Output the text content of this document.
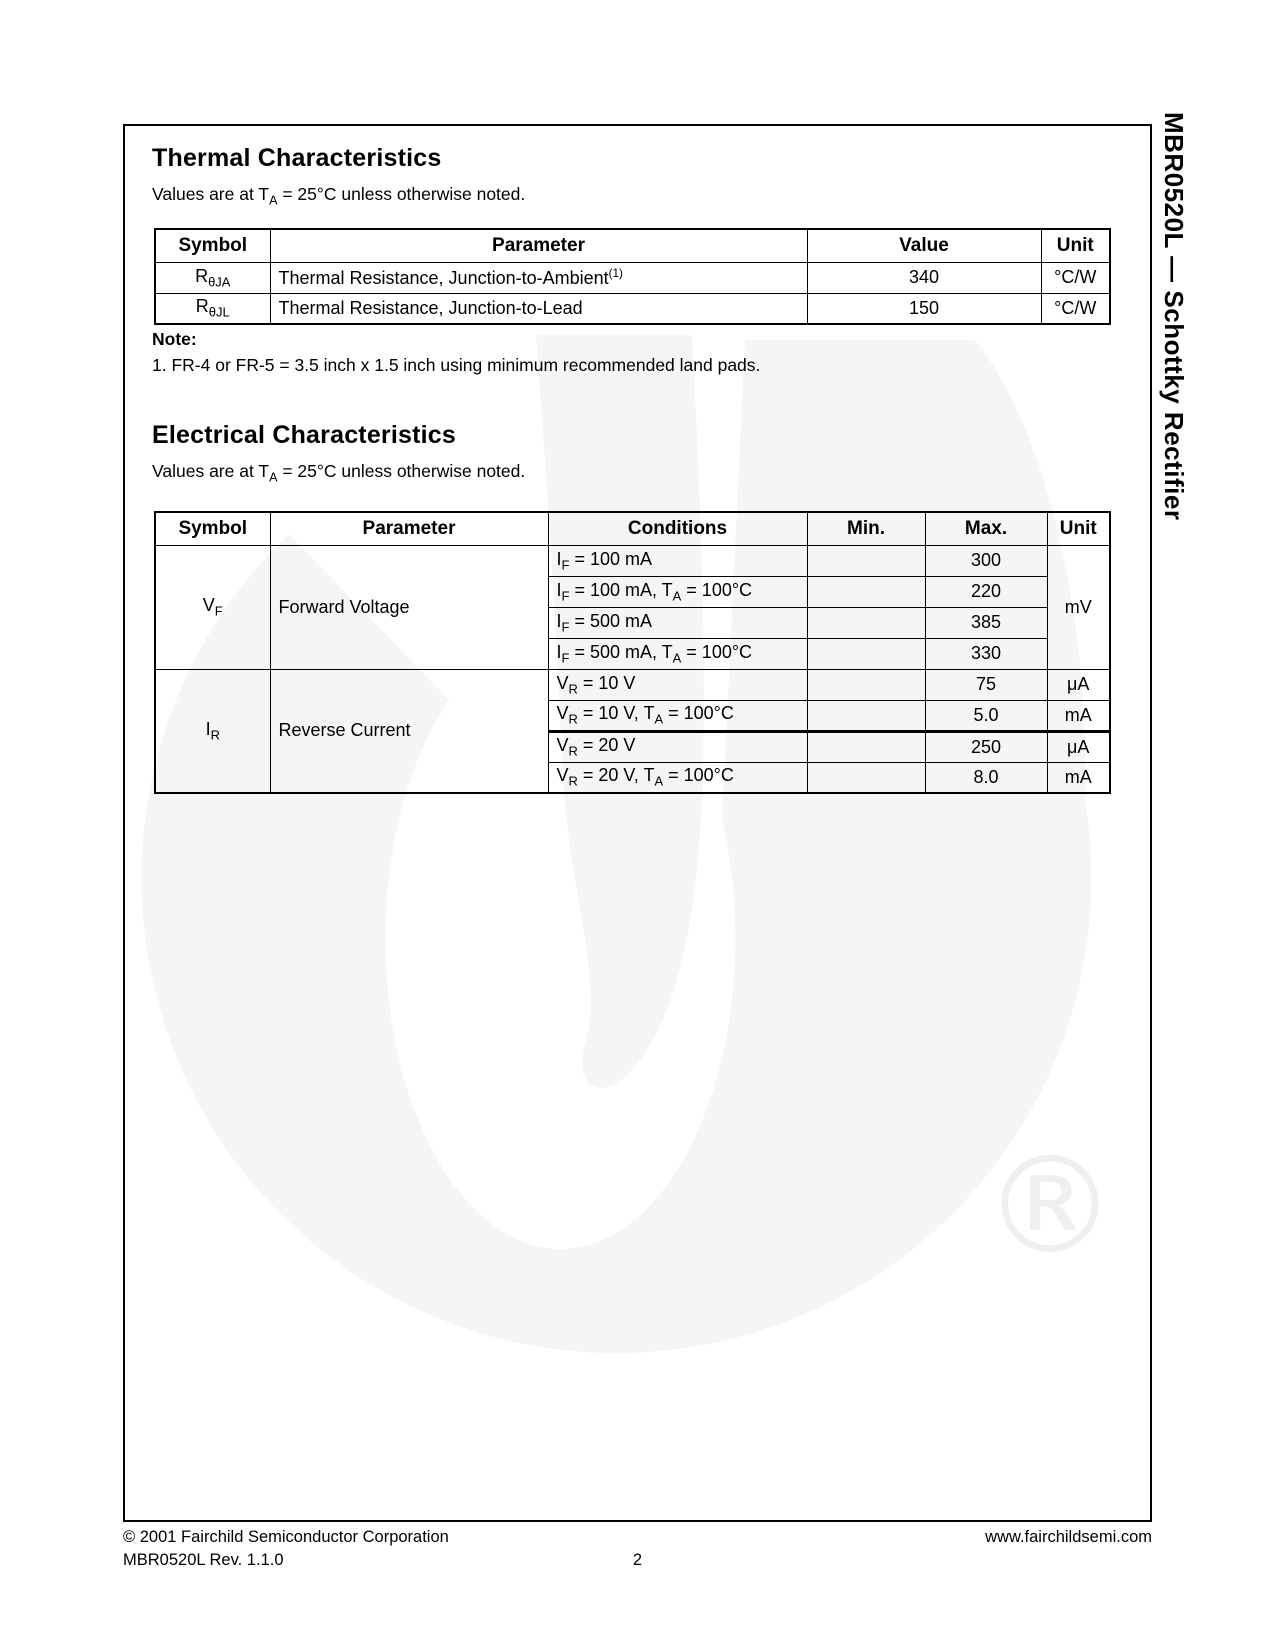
®
Thermal Characteristics
Values are at $T_A = 25^\circ C$ unless otherwise noted.
Symbol	Parameter	Value	Unit
$R_{\theta JA}$	Thermal Resistance, Junction-to-Ambient$^{(1)}$	340	°C/W
$R_{\theta JL}$	Thermal Resistance, Junction-to-Lead	150	°C/W
Note:
1. FR-4 or FR-5 = 3.5 inch x 1.5 inch using minimum recommended land pads.
Electrical Characteristics
Values are at $T_A = 25^\circ C$ unless otherwise noted.
Symbol	Parameter	Conditions	Min.	Max.	Unit
$V_F$	Forward Voltage	$I_F = 100$ mA		300	mV
		$I_F = 100$ mA, $T_A = 100^\circ C$		220	
		$I_F = 500$ mA		385	
		$I_F = 500$ mA, $T_A = 100^\circ C$		330	
$I_R$	Reverse Current	$V_R = 10$ V		75	μA
		$V_R = 10$ V, $T_A = 100^\circ C$		5.0	mA
		$V_R = 20$ V		250	μA
		$V_R = 20$ V, $T_A = 100^\circ C$		8.0	mA
MBR0520L — Schottky Rectifier
© 2001 Fairchild Semiconductor Corporation	www.fairchildsemi.com
MBR0520L Rev. 1.1.0	2
